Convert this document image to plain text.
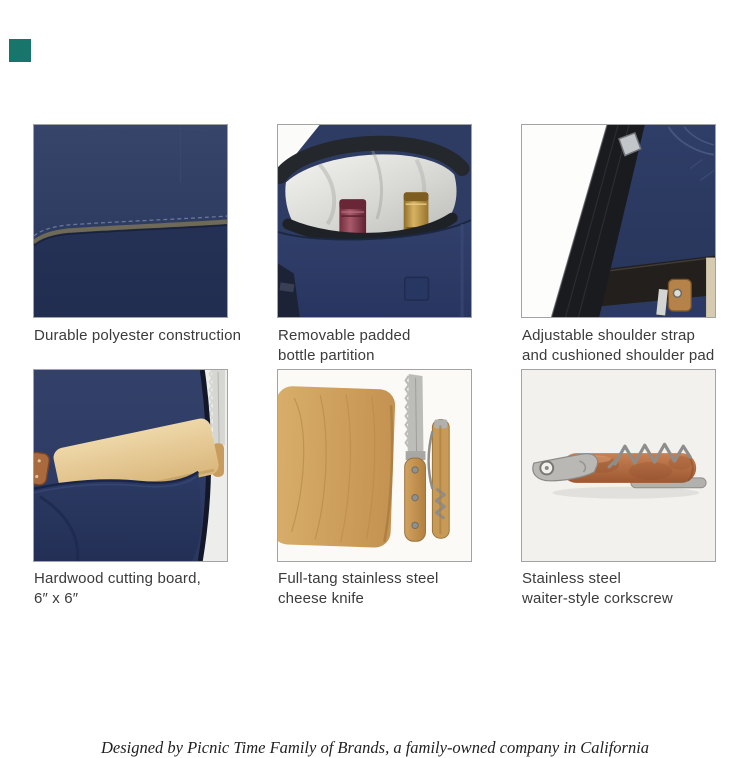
Durable polyester construction	Removable padded
bottle partition
Adjustable shoulder strap
and cushioned shoulder pad
Hardwood cutting board,
6″ x 6″
Full-tang stainless steel
cheese knife
Stainless steel
waiter-style corkscrew
Designed by Picnic Time Family of Brands, a family-owned company in California
